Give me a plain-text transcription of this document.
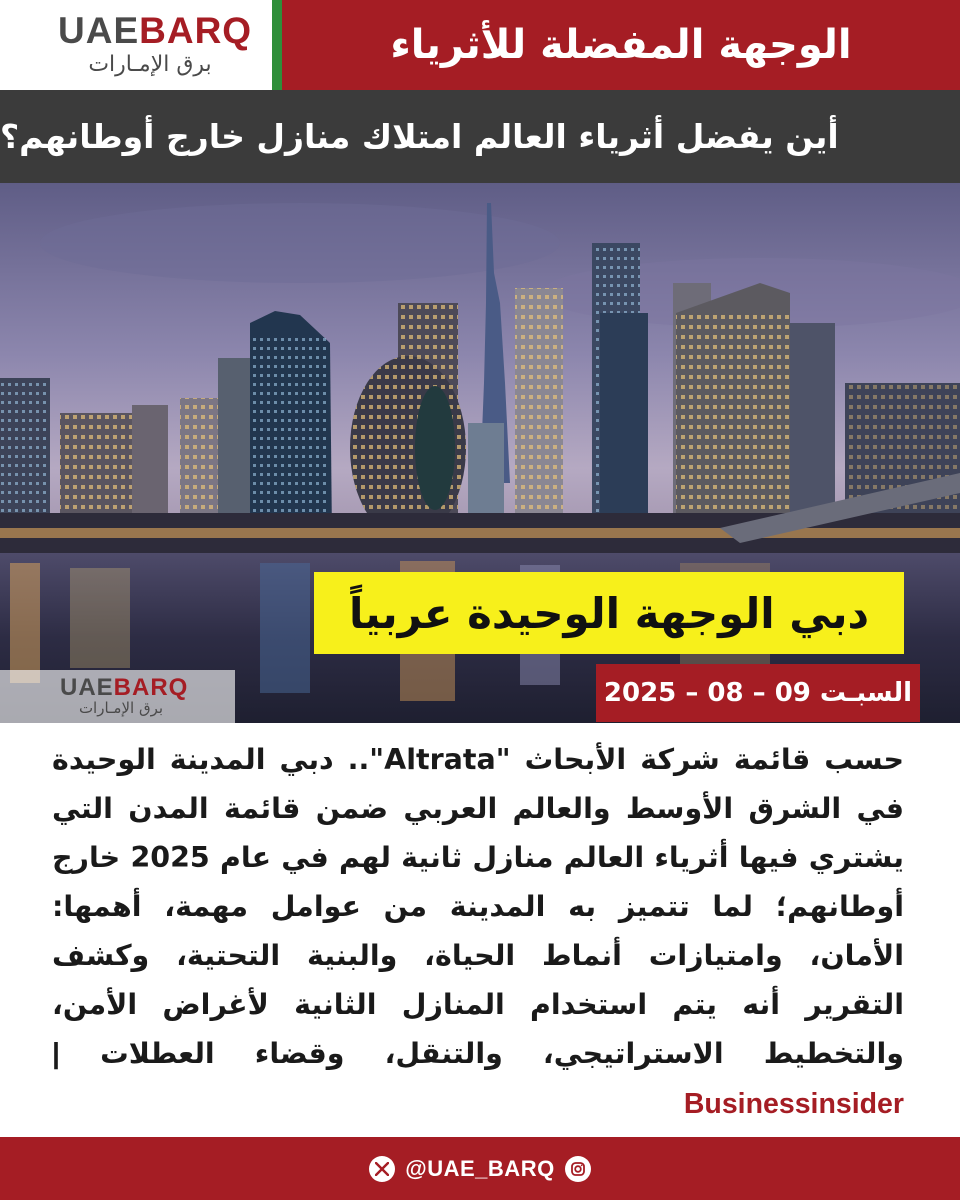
UAEBARQ
برق الإمـارات	الوجهة المفضلة للأثرياء
أين يفضل أثرياء العالم امتلاك منازل خارج أوطانهم؟
دبي الوجهة الوحيدة عربياً
السبـت 09 – 08 – 2025
UAEBARQ
برق الإمـارات
حسب قائمة شركة الأبحاث "Altrata".. دبي المدينة الوحيدة في الشرق الأوسط والعالم العربي ضمن قائمة المدن التي يشتري فيها أثرياء العالم منازل ثانية لهم في عام 2025 خارج أوطانهم؛ لما تتميز به المدينة من عوامل مهمة، أهمها: الأمان، وامتيازات أنماط الحياة، والبنية التحتية، وكشف التقرير أنه يتم استخدام المنازل الثانية لأغراض الأمن، والتخطيط الاستراتيجي، والتنقل، وقضاء العطلات | Businessinsider
@UAE_BARQ
